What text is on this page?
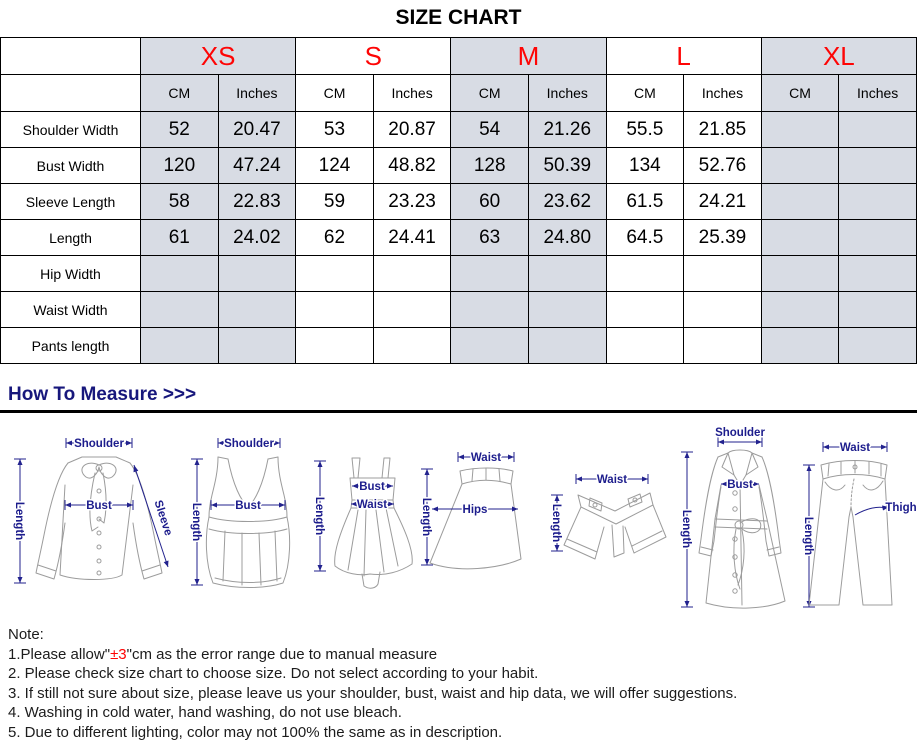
SIZE CHART
	XS		S		M		L		XL	
	CM	Inches	CM	Inches	CM	Inches	CM	Inches	CM	Inches
Shoulder Width	52	20.47	53	20.87	54	21.26	55.5	21.85		
Bust Width	120	47.24	124	48.82	128	50.39	134	52.76		
Sleeve Length	58	22.83	59	23.23	60	23.62	61.5	24.21		
Length	61	24.02	62	24.41	63	24.80	64.5	25.39		
Hip Width										
Waist Width										
Pants length										
How To Measure >>>
Shoulder
Length	Bust	Sleeve
Shoulder
Length	Bust	Length
Bust
Waist
Waist
Length	Hips
Waist
Length
Shoulder
Length
Bust
Waist
Length
Thigh
Note:
1.Please allow"±3"cm as the error range due to manual measure
2. Please check size chart to choose size. Do not select according to your habit.
3. If still not sure about size, please leave us your shoulder, bust, waist and hip data, we will offer suggestions.
4. Washing in cold water, hand washing, do not use bleach.
5. Due to different lighting, color may not 100% the same as in description.
